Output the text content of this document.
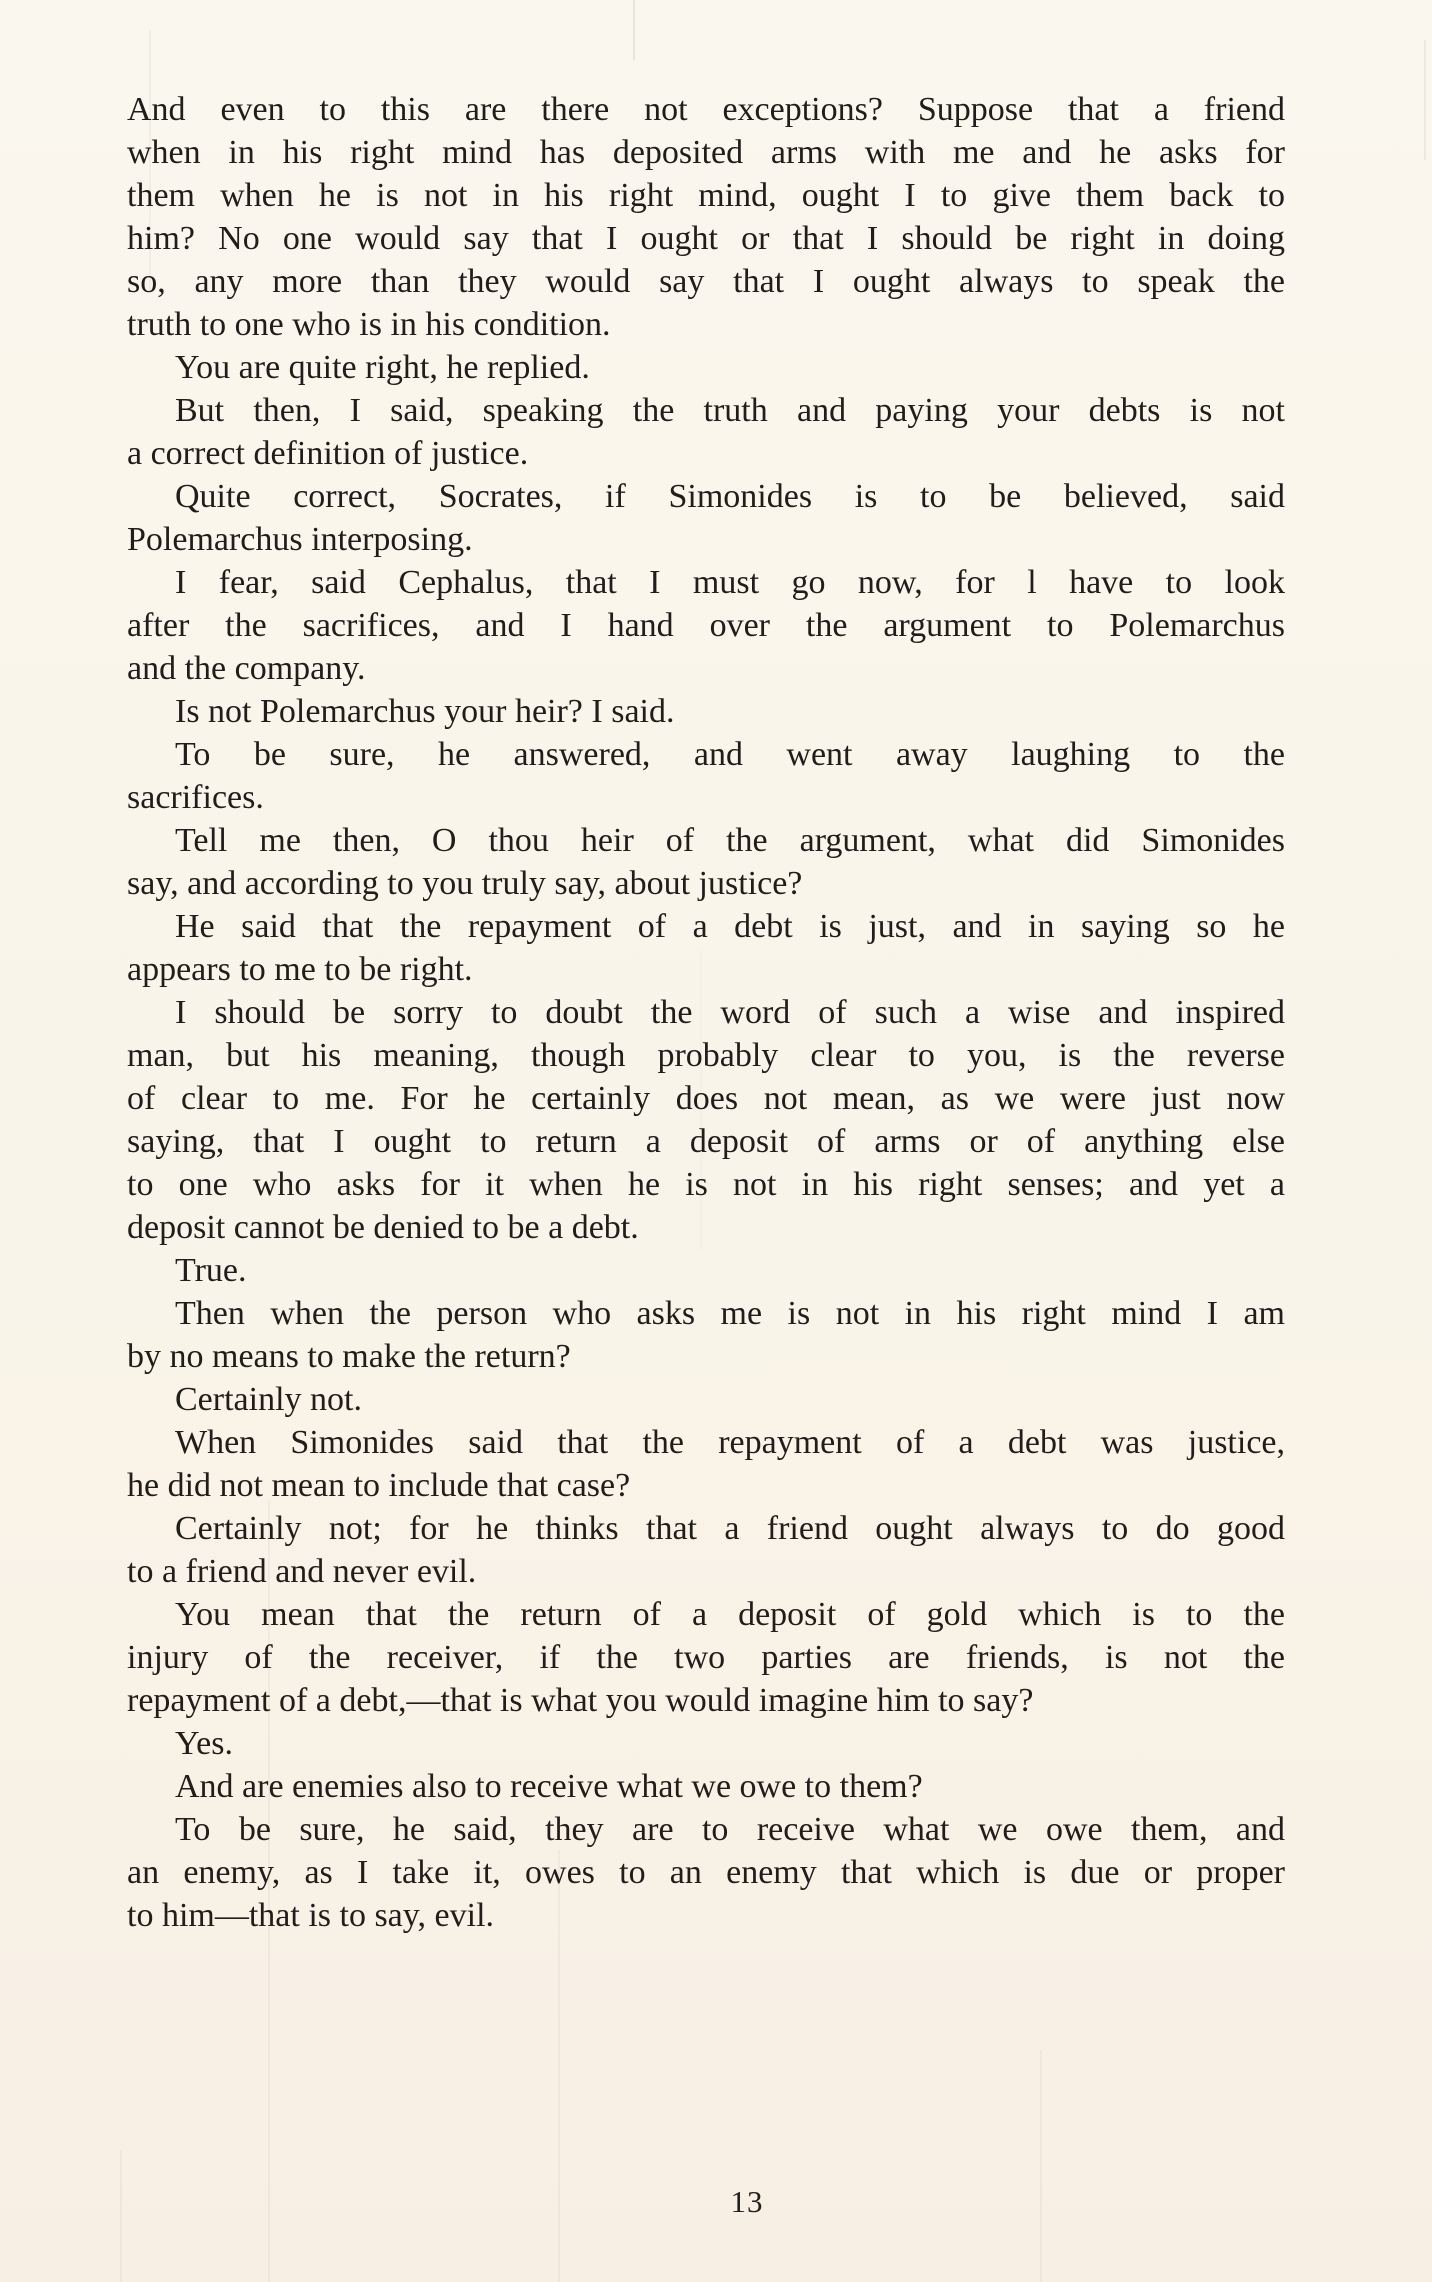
And even to this are there not exceptions? Suppose that a friend
when in his right mind has deposited arms with me and he asks for
them when he is not in his right mind, ought I to give them back to
him? No one would say that I ought or that I should be right in doing
so, any more than they would say that I ought always to speak the
truth to one who is in his condition.
You are quite right, he replied.
But then, I said, speaking the truth and paying your debts is not
a correct definition of justice.
Quite correct, Socrates, if Simonides is to be believed, said
Polemarchus interposing.
I fear, said Cephalus, that I must go now, for l have to look
after the sacrifices, and I hand over the argument to Polemarchus
and the company.
Is not Polemarchus your heir? I said.
To be sure, he answered, and went away laughing to the
sacrifices.
Tell me then, O thou heir of the argument, what did Simonides
say, and according to you truly say, about justice?
He said that the repayment of a debt is just, and in saying so he
appears to me to be right.
I should be sorry to doubt the word of such a wise and inspired
man, but his meaning, though probably clear to you, is the reverse
of clear to me. For he certainly does not mean, as we were just now
saying, that I ought to return a deposit of arms or of anything else
to one who asks for it when he is not in his right senses; and yet a
deposit cannot be denied to be a debt.
True.
Then when the person who asks me is not in his right mind I am
by no means to make the return?
Certainly not.
When Simonides said that the repayment of a debt was justice,
he did not mean to include that case?
Certainly not; for he thinks that a friend ought always to do good
to a friend and never evil.
You mean that the return of a deposit of gold which is to the
injury of the receiver, if the two parties are friends, is not the
repayment of a debt,—that is what you would imagine him to say?
Yes.
And are enemies also to receive what we owe to them?
To be sure, he said, they are to receive what we owe them, and
an enemy, as I take it, owes to an enemy that which is due or proper
to him—that is to say, evil.
13
